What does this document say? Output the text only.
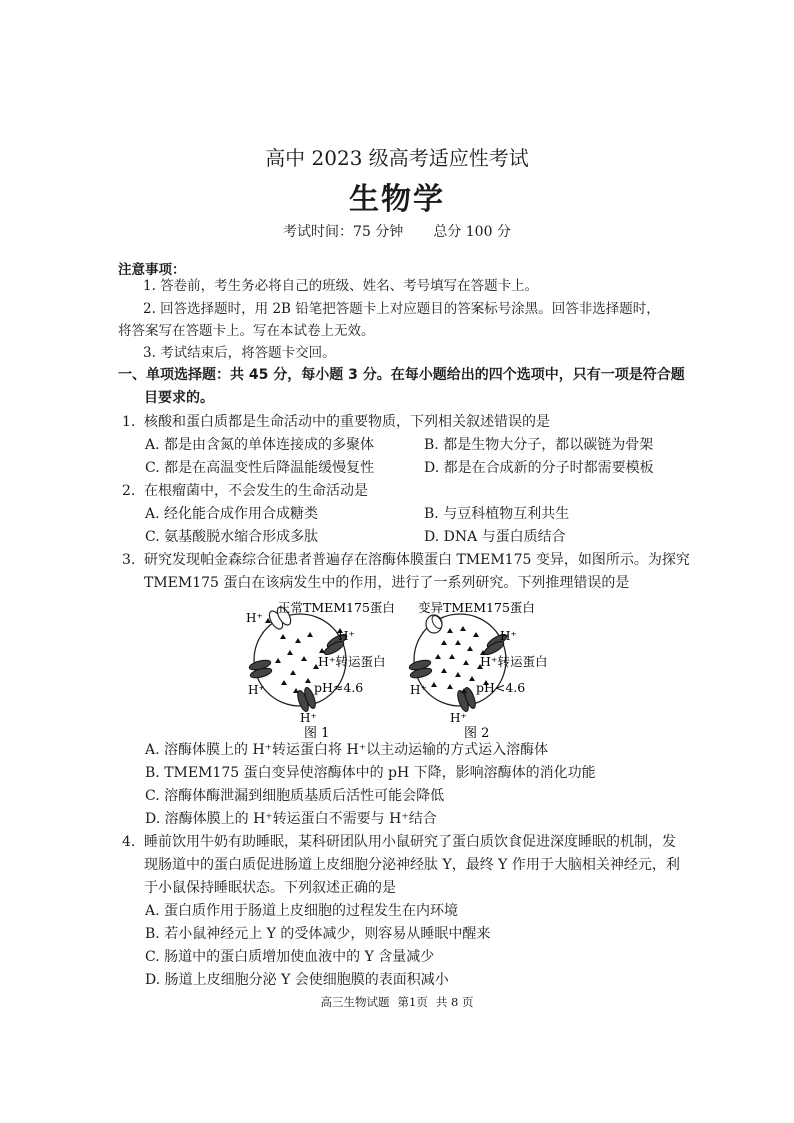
高中 2023 级高考适应性考试
生物学
考试时间：75 分钟 总分 100 分
注意事项：
1. 答卷前，考生务必将自己的班级、姓名、考号填写在答题卡上。
2. 回答选择题时，用 2B 铅笔把答题卡上对应题目的答案标号涂黑。回答非选择题时，
将答案写在答题卡上。写在本试卷上无效。
3. 考试结束后，将答题卡交回。
一、单项选择题：共 45 分，每小题 3 分。在每小题给出的四个选项中，只有一项是符合题
目要求的。
1. 核酸和蛋白质都是生命活动中的重要物质，下列相关叙述错误的是
A. 都是由含氮的单体连接成的多聚体	B. 都是生物大分子，都以碳链为骨架
C. 都是在高温变性后降温能缓慢复性	D. 都是在合成新的分子时都需要模板
2. 在根瘤菌中，不会发生的生命活动是
A. 经化能合成作用合成糖类	B. 与豆科植物互利共生
C. 氨基酸脱水缩合形成多肽	D. DNA 与蛋白质结合
3. 研究发现帕金森综合征患者普遍存在溶酶体膜蛋白 TMEM175 变异，如图所示。为探究
TMEM175 蛋白在该病发生中的作用，进行了一系列研究。下列推理错误的是
H⁺
正常TMEM175蛋白
H⁺
H⁺转运蛋白
H⁺	pH≈4.6
H⁺
图 1
变异TMEM175蛋白
H⁺
H⁺转运蛋白
H⁺	pH<4.6
H⁺
图 2
A. 溶酶体膜上的 H⁺转运蛋白将 H⁺以主动运输的方式运入溶酶体
B. TMEM175 蛋白变异使溶酶体中的 pH 下降，影响溶酶体的消化功能
C. 溶酶体酶泄漏到细胞质基质后活性可能会降低
D. 溶酶体膜上的 H⁺转运蛋白不需要与 H⁺结合
4. 睡前饮用牛奶有助睡眠，某科研团队用小鼠研究了蛋白质饮食促进深度睡眠的机制，发
现肠道中的蛋白质促进肠道上皮细胞分泌神经肽 Y，最终 Y 作用于大脑相关神经元，利
于小鼠保持睡眠状态。下列叙述正确的是
A. 蛋白质作用于肠道上皮细胞的过程发生在内环境
B. 若小鼠神经元上 Y 的受体减少，则容易从睡眠中醒来
C. 肠道中的蛋白质增加使血液中的 Y 含量减少
D. 肠道上皮细胞分泌 Y 会使细胞膜的表面积减小
高三生物试题 第1页 共 8 页
